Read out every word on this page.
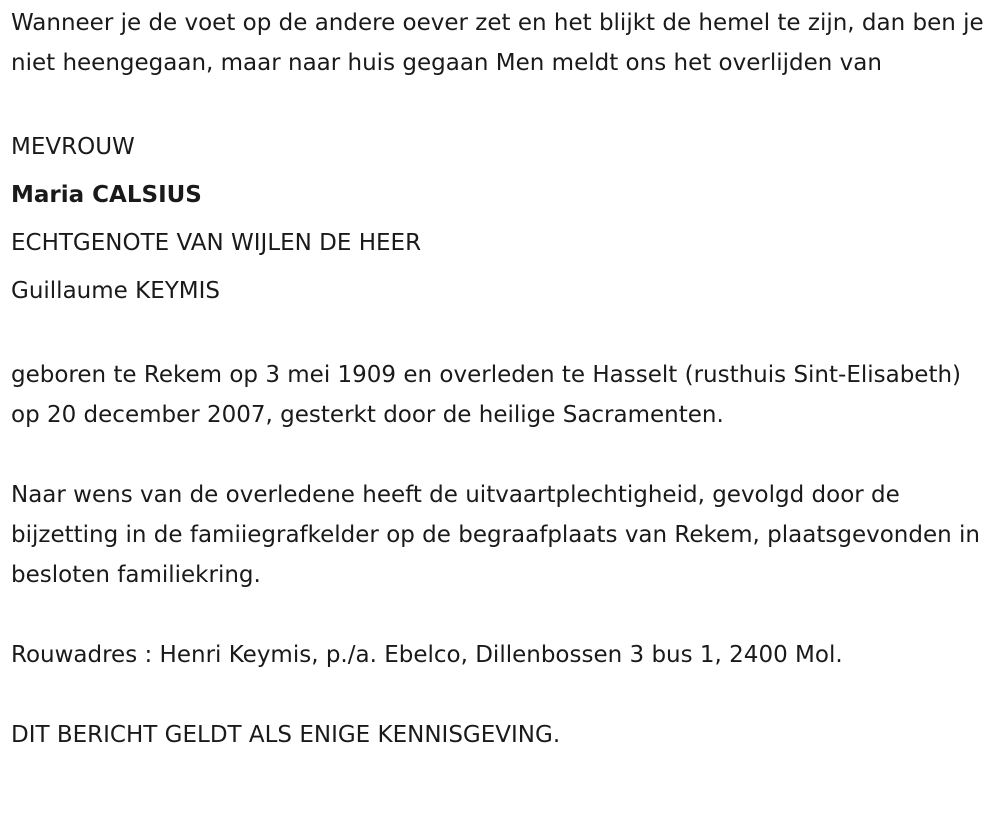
Wanneer je de voet op de andere oever zet en het blijkt de hemel te zijn, dan ben je niet heengegaan, maar naar huis gegaan Men meldt ons het overlijden van

MEVROUW

Maria CALSIUS

ECHTGENOTE VAN WIJLEN DE HEER

Guillaume KEYMIS

geboren te Rekem op 3 mei 1909 en overleden te Hasselt (rusthuis Sint-Elisabeth) op 20 december 2007, gesterkt door de heilige Sacramenten.

Naar wens van de overledene heeft de uitvaartplechtigheid, gevolgd door de bijzetting in de famiiegrafkelder op de begraafplaats van Rekem, plaatsgevonden in besloten familiekring.

Rouwadres : Henri Keymis, p./a. Ebelco, Dillenbossen 3 bus 1, 2400 Mol.

DIT BERICHT GELDT ALS ENIGE KENNISGEVING.
